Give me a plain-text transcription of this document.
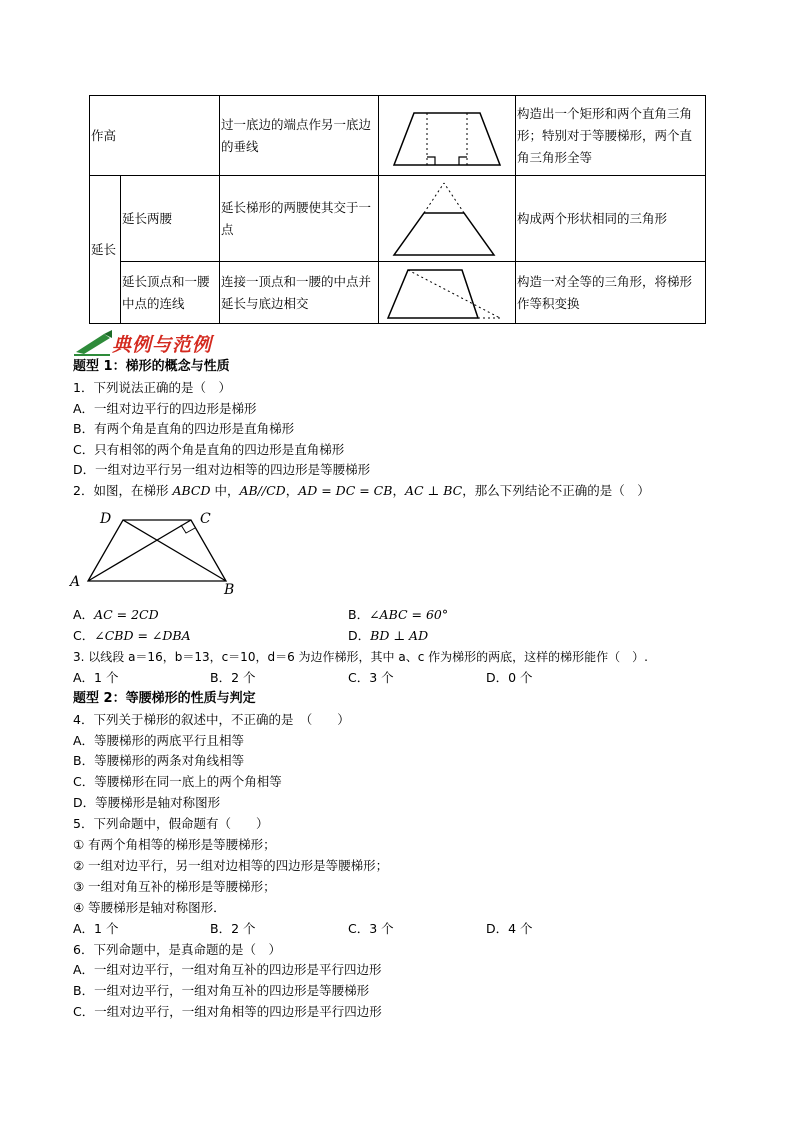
作高		过一底边的端点作另一底边的垂线		构造出一个矩形和两个直角三角形；特别对于等腰梯形，两个直角三角形全等
延长	延长两腰	延长梯形的两腰使其交于一点		构成两个形状相同的三角形
	延长顶点和一腰中点的连线	连接一顶点和一腰的中点并延长与底边相交		构造一对全等的三角形，将梯形作等积变换
典例与范例
题型 1：梯形的概念与性质
1．下列说法正确的是（　）
A．一组对边平行的四边形是梯形
B．有两个角是直角的四边形是直角梯形
C．只有相邻的两个角是直角的四边形是直角梯形
D．一组对边平行另一组对边相等的四边形是等腰梯形
2．如图，在梯形 ABCD 中，AB//CD，AD = DC = CB，AC ⊥ BC，那么下列结论不正确的是（　）
D	C
A	B
A．AC = 2CD	B．∠ABC = 60°
C．∠CBD = ∠DBA	D．BD ⊥ AD
3. 以线段 a＝16，b＝13，c＝10，d＝6 为边作梯形，其中 a、c 作为梯形的两底，这样的梯形能作（　）.
A．1 个	B．2 个	C．3 个	D．0 个
题型 2：等腰梯形的性质与判定
4．下列关于梯形的叙述中，不正确的是　（　　）
A．等腰梯形的两底平行且相等
B．等腰梯形的两条对角线相等
C．等腰梯形在同一底上的两个角相等
D．等腰梯形是轴对称图形
5．下列命题中，假命题有（　　）
① 有两个角相等的梯形是等腰梯形；
② 一组对边平行，另一组对边相等的四边形是等腰梯形；
③ 一组对角互补的梯形是等腰梯形；
④ 等腰梯形是轴对称图形．
A．1 个	B．2 个	C．3 个	D．4 个
6．下列命题中，是真命题的是（　）
A．一组对边平行，一组对角互补的四边形是平行四边形
B．一组对边平行，一组对角互补的四边形是等腰梯形
C．一组对边平行，一组对角相等的四边形是平行四边形
